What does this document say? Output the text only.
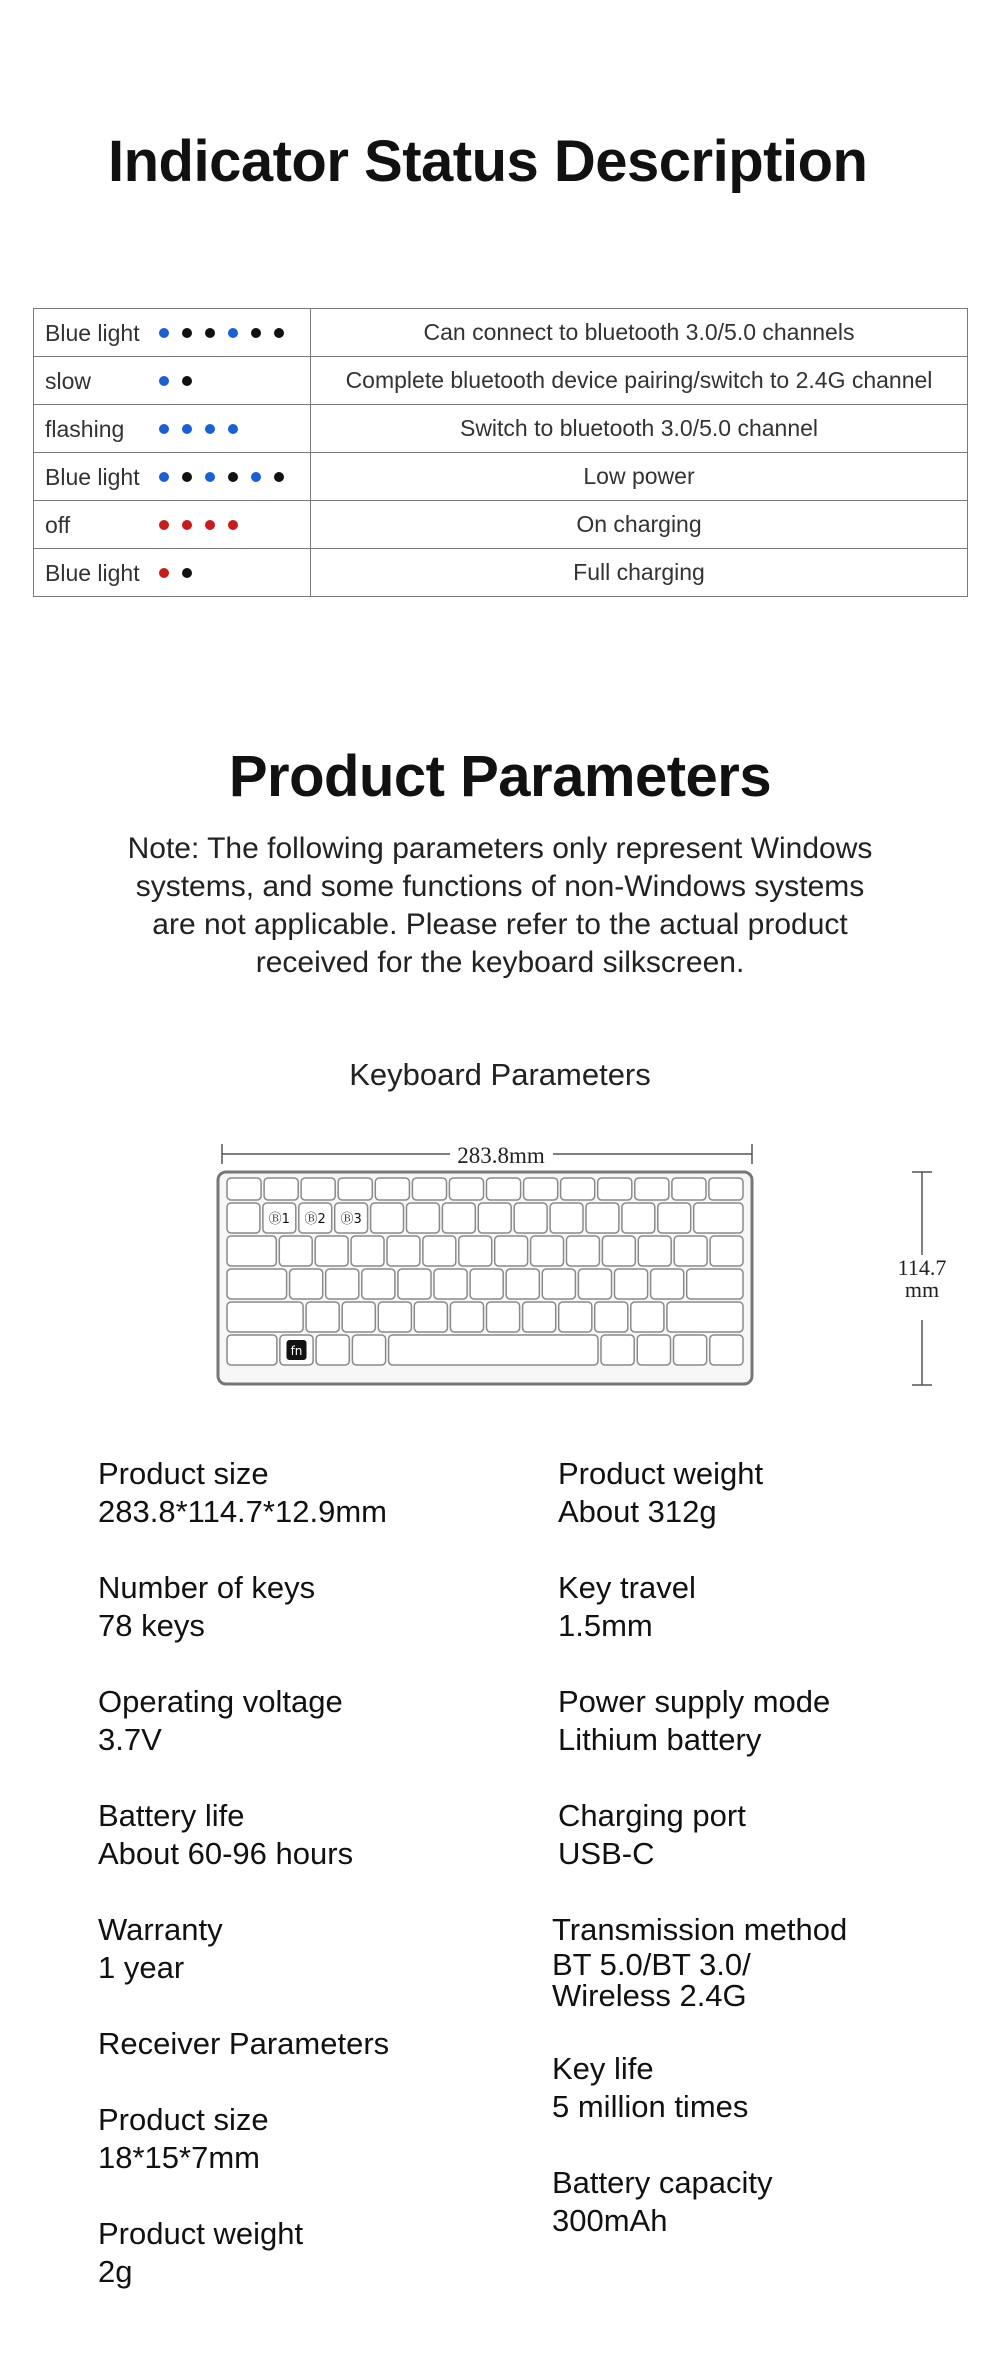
Indicator Status Description
Blue light	Can connect to bluetooth 3.0/5.0 channels

slow	Complete bluetooth device pairing/switch to 2.4G channel

flashing	Switch to bluetooth 3.0/5.0 channel

Blue light	Low power

off	On charging

Blue light	Full charging
Product Parameters

Note: The following parameters only represent Windows systems, and some functions of non-Windows systems are not applicable. Please refer to the actual product received for the keyboard silkscreen.

Keyboard Parameters
283.8mm
114.7
mm
Ⓑ1 Ⓑ2 Ⓑ3
fn
Product size
283.8*114.7*12.9mm
Number of keys
78 keys
Operating voltage
3.7V
Battery life
About 60-96 hours
Warranty
1 year
Receiver Parameters
Product size
18*15*7mm
Product weight
2g
Product weight
About 312g
Key travel
1.5mm
Power supply mode
Lithium battery
Charging port
USB-C
Transmission method
BT 5.0/BT 3.0/
Wireless 2.4G
Key life
5 million times
Battery capacity
300mAh
